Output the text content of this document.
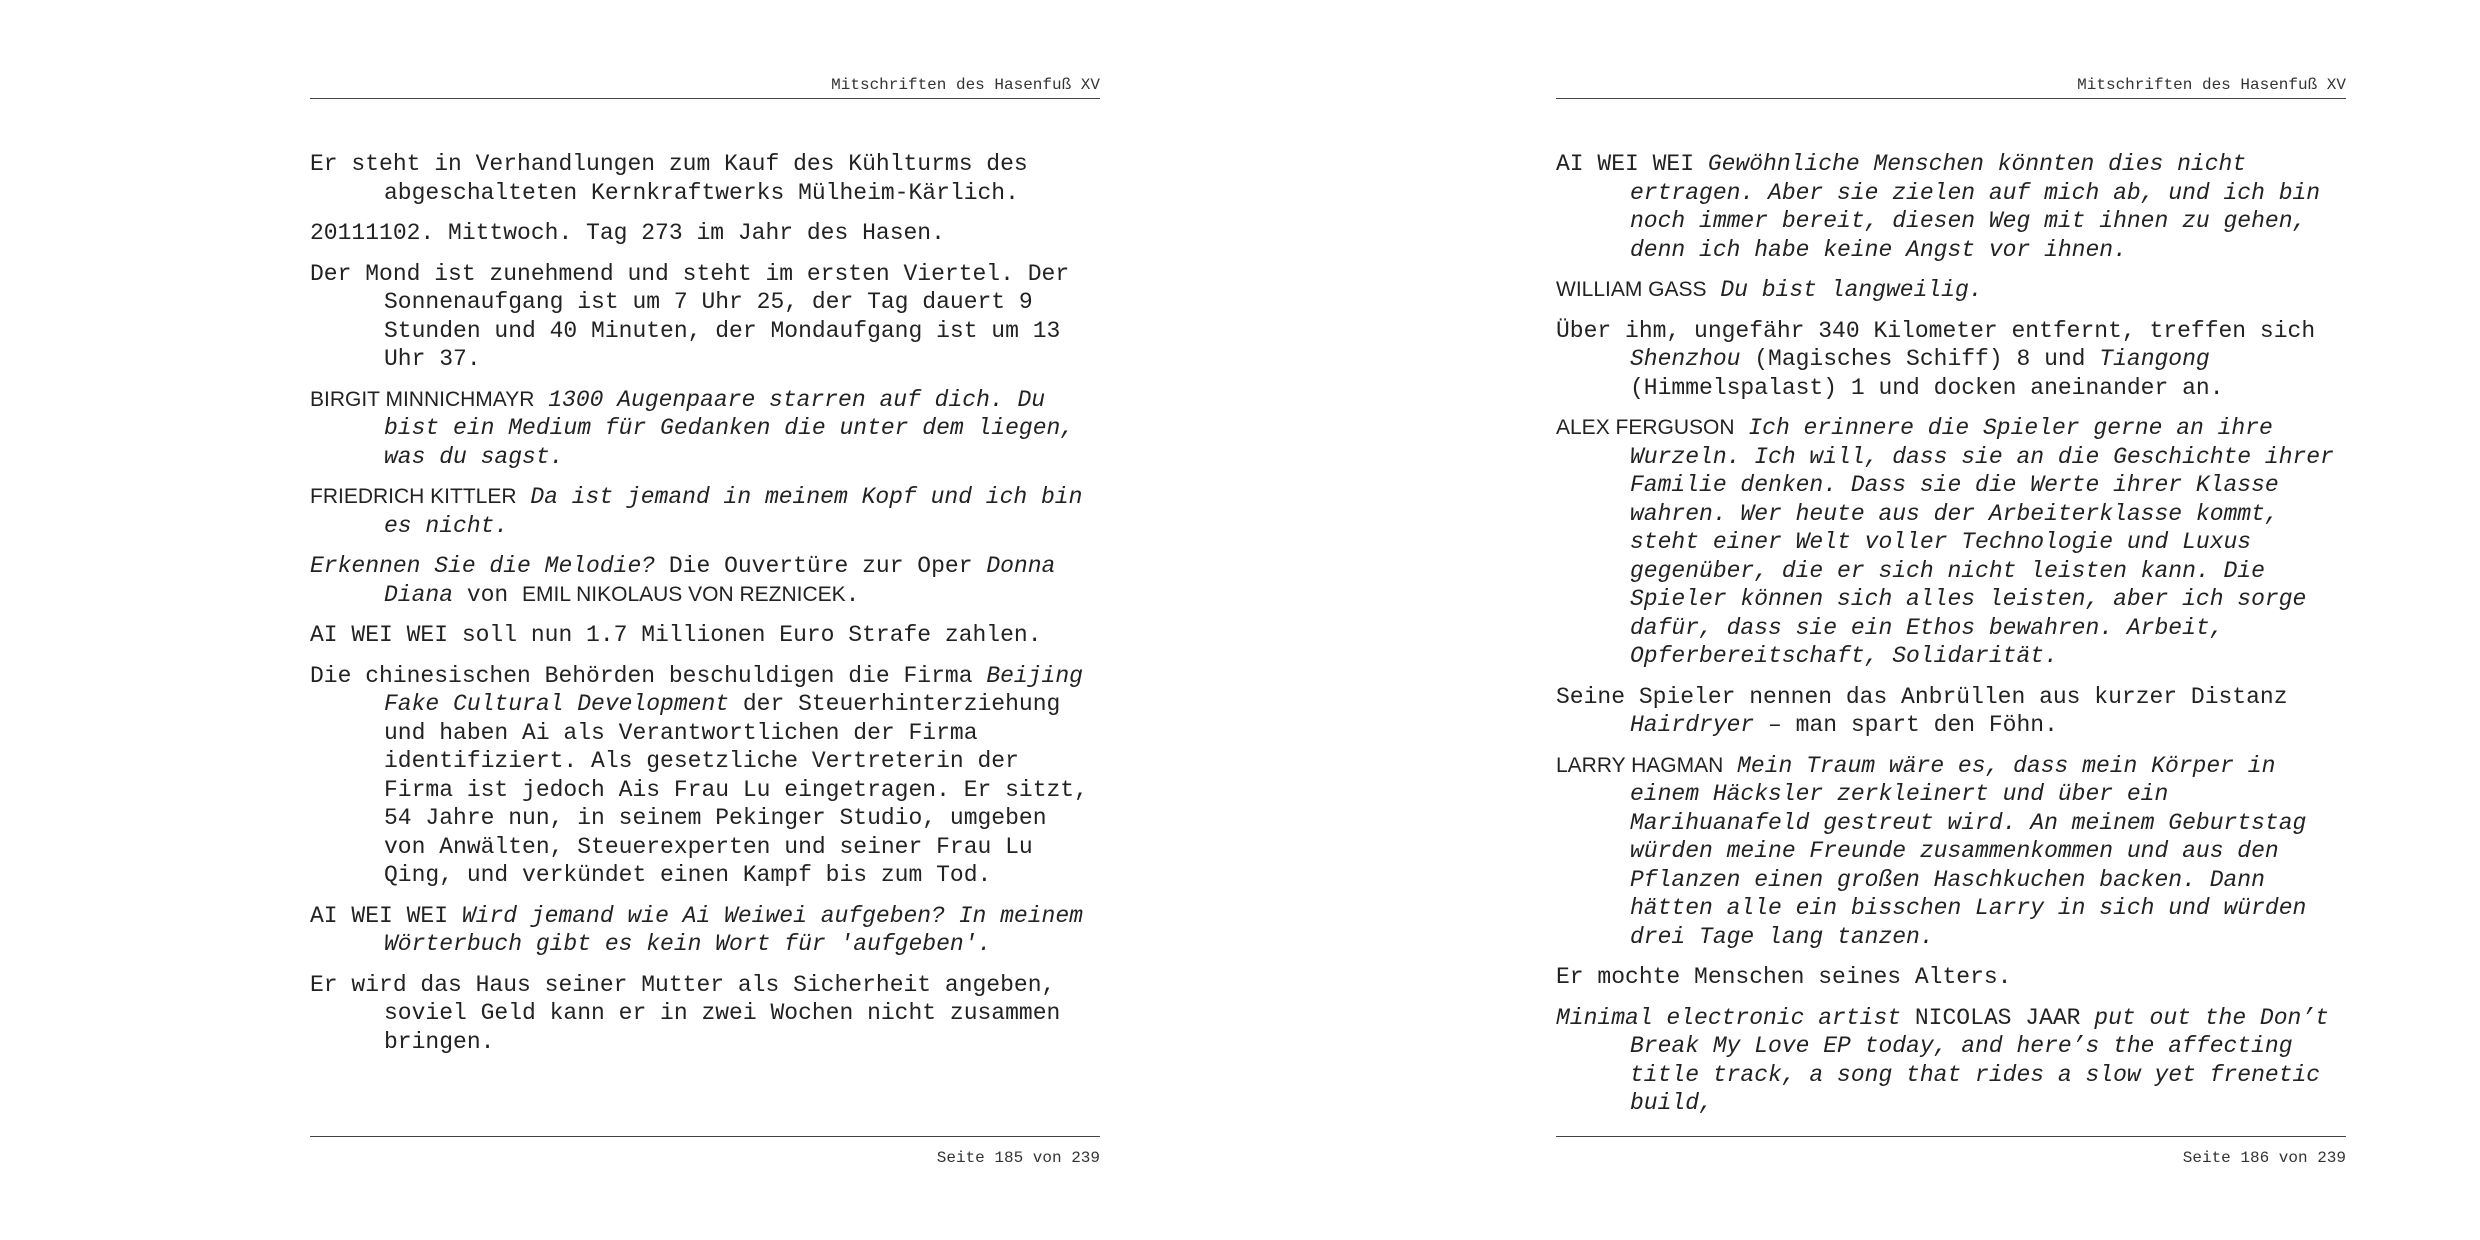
Mitschriften des Hasenfuß XV

Er steht in Verhandlungen zum Kauf des Kühlturms des abgeschalteten Kernkraftwerks Mülheim-Kärlich.

20111102. Mittwoch. Tag 273 im Jahr des Hasen.

Der Mond ist zunehmend und steht im ersten Viertel. Der Sonnenaufgang ist um 7 Uhr 25, der Tag dauert 9 Stunden und 40 Minuten, der Mondaufgang ist um 13 Uhr 37.

BIRGIT MINNICHMAYR 1300 Augenpaare starren auf dich. Du bist ein Medium für Gedanken die unter dem liegen, was du sagst.

FRIEDRICH KITTLER Da ist jemand in meinem Kopf und ich bin es nicht.

Erkennen Sie die Melodie? Die Ouvertüre zur Oper Donna Diana von EMIL NIKOLAUS VON REZNICEK.

AI WEI WEI soll nun 1.7 Millionen Euro Strafe zahlen.

Die chinesischen Behörden beschuldigen die Firma Beijing Fake Cultural Development der Steuerhinterziehung und haben Ai als Verantwortlichen der Firma identifiziert. Als gesetzliche Vertreterin der Firma ist jedoch Ais Frau Lu eingetragen. Er sitzt, 54 Jahre nun, in seinem Pekinger Studio, umgeben von Anwälten, Steuerexperten und seiner Frau Lu Qing, und verkündet einen Kampf bis zum Tod.

AI WEI WEI Wird jemand wie Ai Weiwei aufgeben? In meinem Wörterbuch gibt es kein Wort für 'aufgeben'.

Er wird das Haus seiner Mutter als Sicherheit angeben, soviel Geld kann er in zwei Wochen nicht zusammen bringen.

Seite 185 von 239
Mitschriften des Hasenfuß XV

AI WEI WEI Gewöhnliche Menschen könnten dies nicht ertragen. Aber sie zielen auf mich ab, und ich bin noch immer bereit, diesen Weg mit ihnen zu gehen, denn ich habe keine Angst vor ihnen.

WILLIAM GASS Du bist langweilig.

Über ihm, ungefähr 340 Kilometer entfernt, treffen sich Shenzhou (Magisches Schiff) 8 und Tiangong (Himmelspalast) 1 und docken aneinander an.

ALEX FERGUSON Ich erinnere die Spieler gerne an ihre Wurzeln. Ich will, dass sie an die Geschichte ihrer Familie denken. Dass sie die Werte ihrer Klasse wahren. Wer heute aus der Arbeiterklasse kommt, steht einer Welt voller Technologie und Luxus gegenüber, die er sich nicht leisten kann. Die Spieler können sich alles leisten, aber ich sorge dafür, dass sie ein Ethos bewahren. Arbeit, Opferbereitschaft, Solidarität.

Seine Spieler nennen das Anbrüllen aus kurzer Distanz Hairdryer – man spart den Föhn.

LARRY HAGMAN Mein Traum wäre es, dass mein Körper in einem Häcksler zerkleinert und über ein Marihuanafeld gestreut wird. An meinem Geburtstag würden meine Freunde zusammenkommen und aus den Pflanzen einen großen Haschkuchen backen. Dann hätten alle ein bisschen Larry in sich und würden drei Tage lang tanzen.

Er mochte Menschen seines Alters.

Minimal electronic artist NICOLAS JAAR put out the Don’t Break My Love EP today, and here’s the affecting title track, a song that rides a slow yet frenetic build,

Seite 186 von 239
